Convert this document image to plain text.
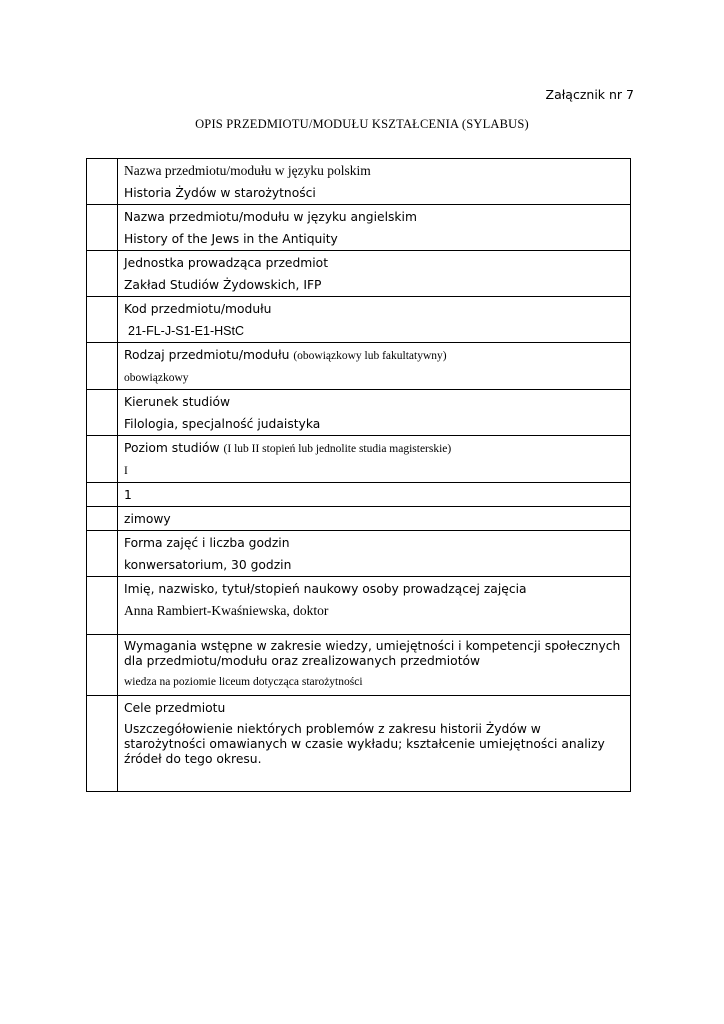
Załącznik nr 7
OPIS PRZEDMIOTU/MODUŁU KSZTAŁCENIA (SYLABUS)

	Nazwa przedmiotu/modułu w języku polskim
Historia Żydów w starożytności

	Nazwa przedmiotu/modułu w języku angielskim
History of the Jews in the Antiquity

	Jednostka prowadząca przedmiot
Zakład Studiów Żydowskich, IFP

	Kod przedmiotu/modułu
21-FL-J-S1-E1-HStC

	Rodzaj przedmiotu/modułu (obowiązkowy lub fakultatywny)
obowiązkowy

	Kierunek studiów
Filologia, specjalność judaistyka

	Poziom studiów (I lub II stopień lub jednolite studia magisterskie)
I

	1

	zimowy

	Forma zajęć i liczba godzin
konwersatorium, 30 godzin

	Imię, nazwisko, tytuł/stopień naukowy osoby prowadzącej zajęcia
Anna Rambiert-Kwaśniewska, doktor

	Wymagania wstępne w zakresie wiedzy, umiejętności i kompetencji społecznych dla przedmiotu/modułu oraz zrealizowanych przedmiotów
wiedza na poziomie liceum dotycząca starożytności

	Cele przedmiotu
Uszczegółowienie niektórych problemów z zakresu historii Żydów w starożytności omawianych w czasie wykładu; kształcenie umiejętności analizy źródeł do tego okresu.
